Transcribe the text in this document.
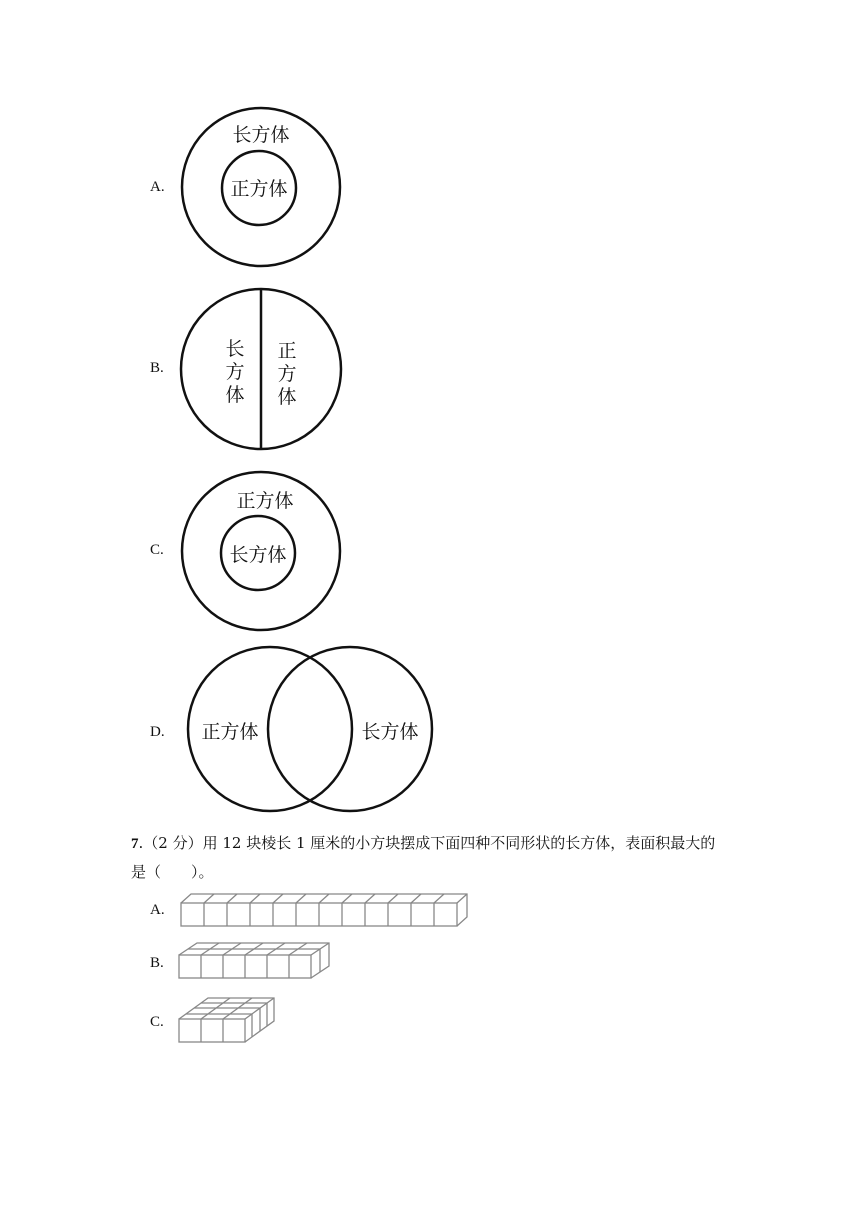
A.
B.
C.
D.
长方体
正方体
长
方
体
正
方
体
正方体
长方体
正方体	长方体
7.（2 分）用 12 块棱长 1 厘米的小方块摆成下面四种不同形状的长方体，表面积最大的
是（　　）。
A.
B.
C.
